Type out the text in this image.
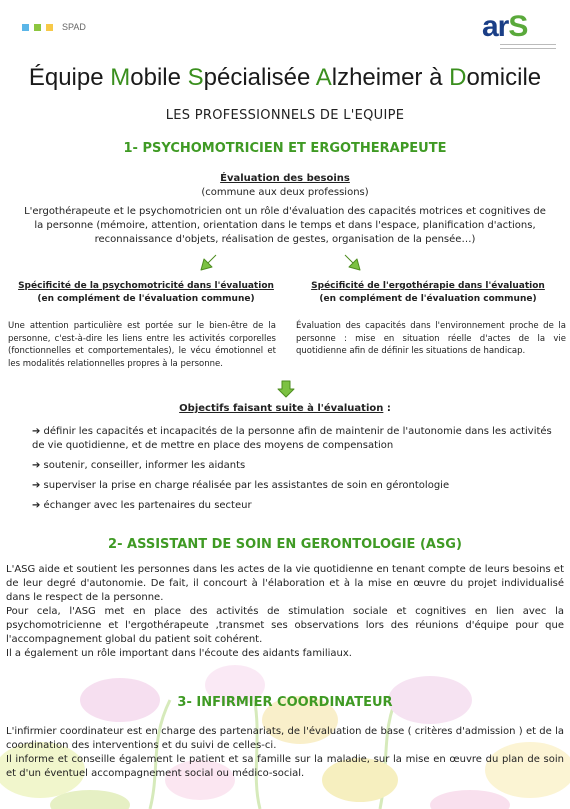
SPAD	arS
Équipe Mobile Spécialisée Alzheimer à Domicile
LES PROFESSIONNELS DE L'EQUIPE
1- PSYCHOMOTRICIEN ET ERGOTHERAPEUTE
Évaluation des besoins
(commune aux deux professions)
L'ergothérapeute et le psychomotricien ont un rôle d'évaluation des capacités motrices et cognitives de la personne (mémoire, attention, orientation dans le temps et dans l'espace, planification d'actions, reconnaissance d'objets, réalisation de gestes, organisation de la pensée…)
Spécificité de la psychomotricité dans l'évaluation
(en complément de l'évaluation commune)
Spécificité de l'ergothérapie dans l'évaluation
(en complément de l'évaluation commune)
Une attention particulière est portée sur le bien-être de la personne, c'est-à-dire les liens entre les activités corporelles (fonctionnelles et comportementales), le vécu émotionnel et les modalités relationnelles propres à la personne.
Évaluation des capacités dans l'environnement proche de la personne : mise en situation réelle d'actes de la vie quotidienne afin de définir les situations de handicap.
Objectifs faisant suite à l'évaluation :
➔ définir les capacités et incapacités de la personne afin de maintenir de l'autonomie dans les activités de vie quotidienne, et de mettre en place des moyens de compensation
➔ soutenir, conseiller, informer les aidants
➔ superviser la prise en charge réalisée par les assistantes de soin en gérontologie
➔ échanger avec les partenaires du secteur
2- ASSISTANT DE SOIN EN GERONTOLOGIE (ASG)
L'ASG aide et soutient les personnes dans les actes de la vie quotidienne en tenant compte de leurs besoins et de leur degré d'autonomie. De fait, il concourt à l'élaboration et à la mise en œuvre du projet individualisé dans le respect de la personne.
Pour cela, l'ASG met en place des activités de stimulation sociale et cognitives en lien avec la psychomotricienne et l'ergothérapeute ,transmet ses observations lors des réunions d'équipe pour que l'accompagnement global du patient soit cohérent.
Il a également un rôle important dans l'écoute des aidants familiaux.
3- INFIRMIER COORDINATEUR
L'infirmier coordinateur est en charge des partenariats, de l'évaluation de base ( critères d'admission ) et de la coordination des interventions et du suivi de celles-ci.
Il informe et conseille également le patient et sa famille sur la maladie, sur la mise en œuvre du plan de soin et d'un éventuel accompagnement social ou médico-social.
